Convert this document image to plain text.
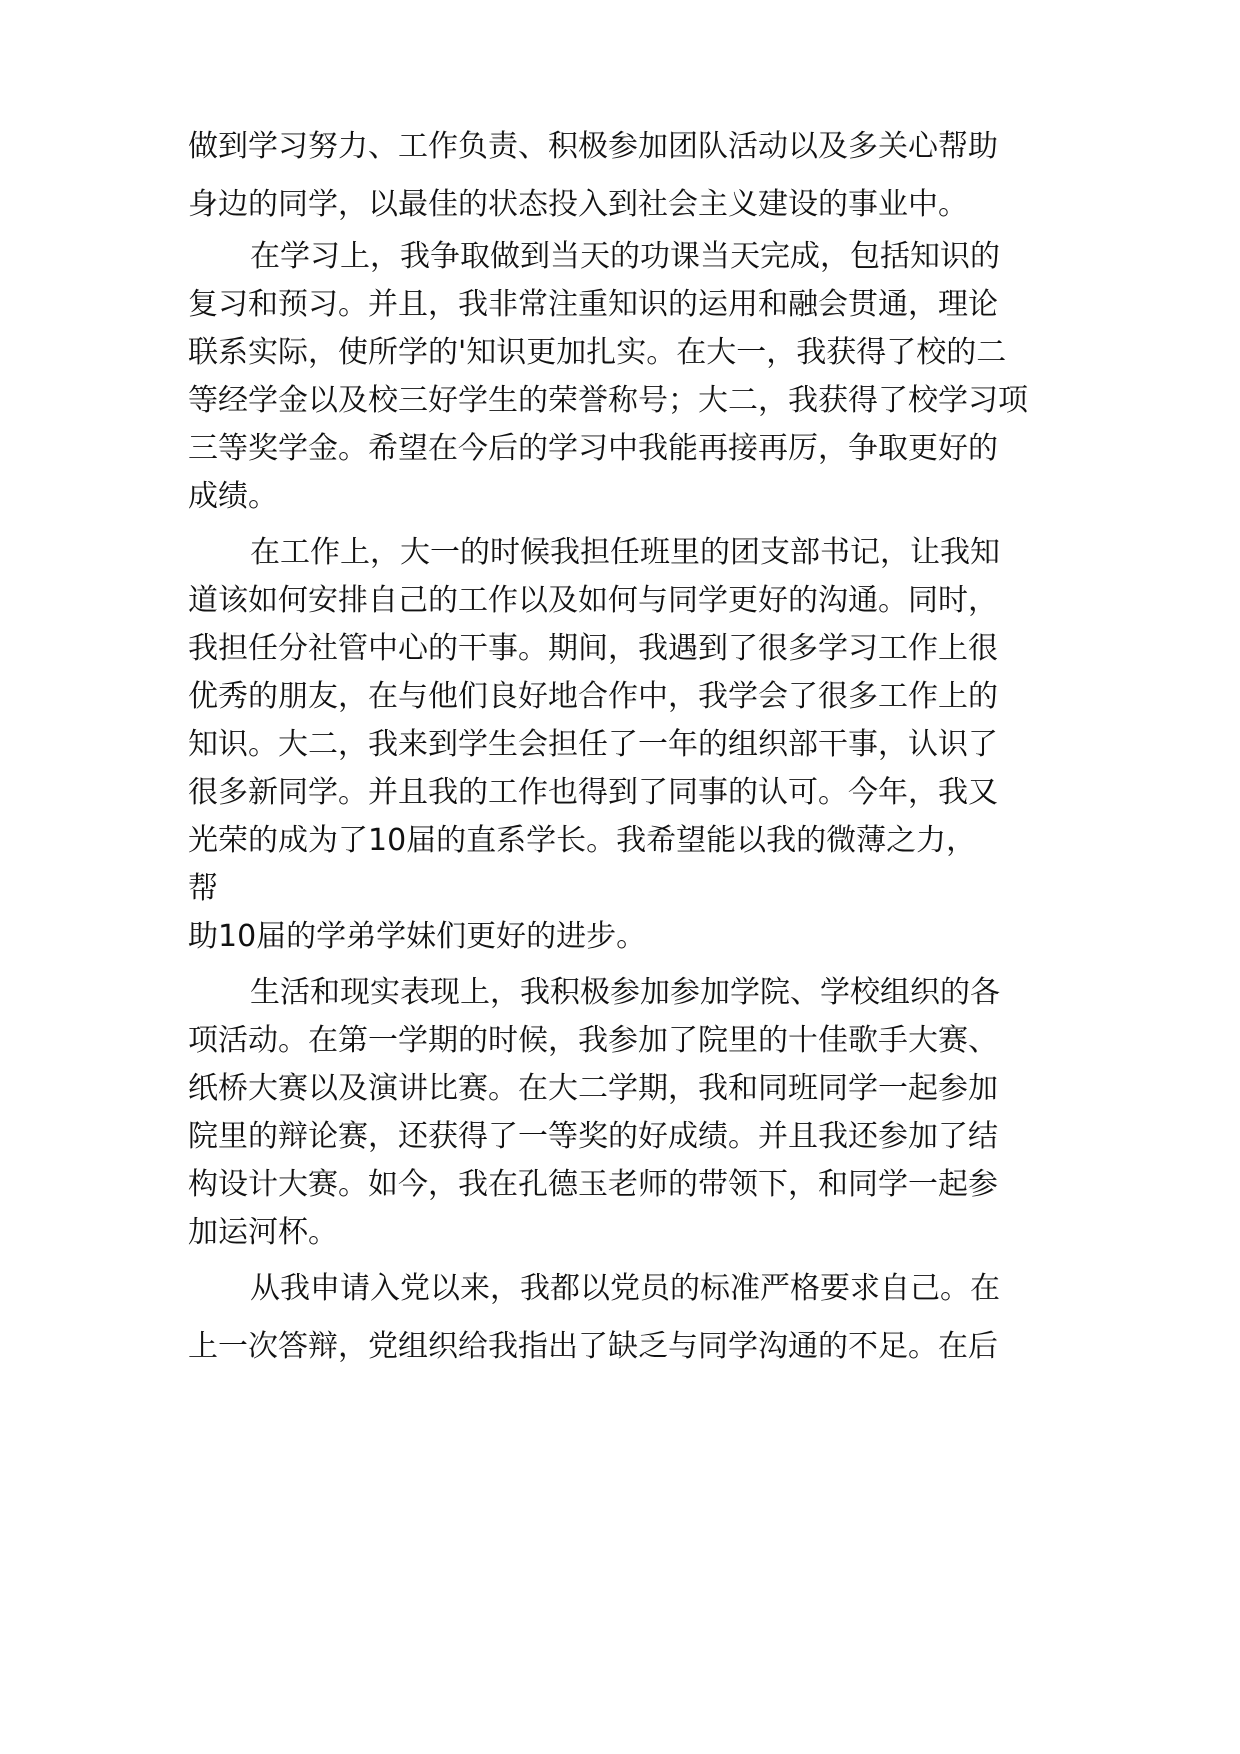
做到学习努力、工作负责、积极参加团队活动以及多关心帮助

身边的同学，以最佳的状态投入到社会主义建设的事业中。

在学习上，我争取做到当天的功课当天完成，包括知识的

复习和预习。并且，我非常注重知识的运用和融会贯通，理论

联系实际，使所学的'知识更加扎实。在大一，我获得了校的二

等经学金以及校三好学生的荣誉称号；大二，我获得了校学习项

三等奖学金。希望在今后的学习中我能再接再厉，争取更好的

成绩。

在工作上，大一的时候我担任班里的团支部书记，让我知

道该如何安排自己的工作以及如何与同学更好的沟通。同时，

我担任分社管中心的干事。期间，我遇到了很多学习工作上很

优秀的朋友，在与他们良好地合作中，我学会了很多工作上的

知识。大二，我来到学生会担任了一年的组织部干事，认识了

很多新同学。并且我的工作也得到了同事的认可。今年，我又

光荣的成为了10届的直系学长。我希望能以我的微薄之力，

帮

助10届的学弟学妹们更好的进步。

生活和现实表现上，我积极参加参加学院、学校组织的各

项活动。在第一学期的时候，我参加了院里的十佳歌手大赛、

纸桥大赛以及演讲比赛。在大二学期，我和同班同学一起参加

院里的辩论赛，还获得了一等奖的好成绩。并且我还参加了结

构设计大赛。如今，我在孔德玉老师的带领下，和同学一起参

加运河杯。

从我申请入党以来，我都以党员的标准严格要求自己。在

上一次答辩，党组织给我指出了缺乏与同学沟通的不足。在后
